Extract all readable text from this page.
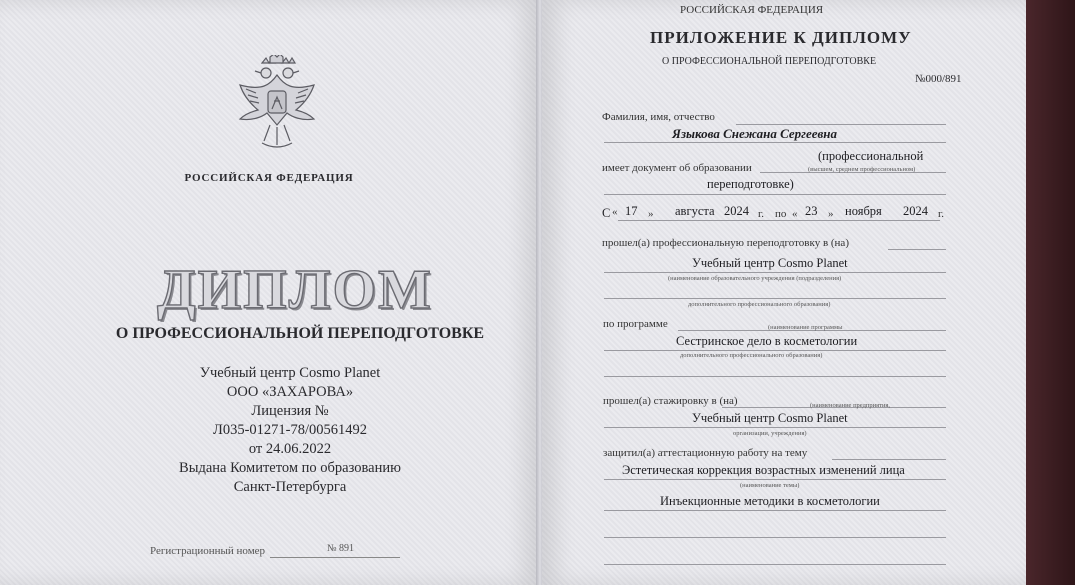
РОССИЙСКАЯ ФЕДЕРАЦИЯ
ДИПЛОМ
О ПРОФЕССИОНАЛЬНОЙ ПЕРЕПОДГОТОВКЕ
Учебный центр Cosmo Planet
ООО «ЗАХАРОВА»
Лицензия №
Л035-01271-78/00561492
от 24.06.2022
Выдана Комитетом по образованию
Санкт-Петербурга
Регистрационный номер	№ 891
РОССИЙСКАЯ ФЕДЕРАЦИЯ
ПРИЛОЖЕНИЕ К ДИПЛОМУ
О ПРОФЕССИОНАЛЬНОЙ ПЕРЕПОДГОТОВКЕ
№000/891
Фамилия, имя, отчество
Языкова Снежана Сергеевна
имеет документ об образовании
(профессиональной
(высшем, среднем профессиональном)
переподготовке)
С « 17 » августа 2024 г. по « 23 » ноября 2024 г.
прошел(а) профессиональную переподготовку в (на)
Учебный центр Cosmo Planet
(наименование образовательного учреждения (подразделения)
дополнительного профессионального образования)
по программе	(наименование программы
Сестринское дело в косметологии
дополнительного профессионального образования)
прошел(а) стажировку в (на)	(наименование предприятия,
Учебный центр Cosmo Planet
организации, учреждения)
защитил(а) аттестационную работу на тему
Эстетическая коррекция возрастных изменений лица
(наименование темы)
Инъекционные методики в косметологии
